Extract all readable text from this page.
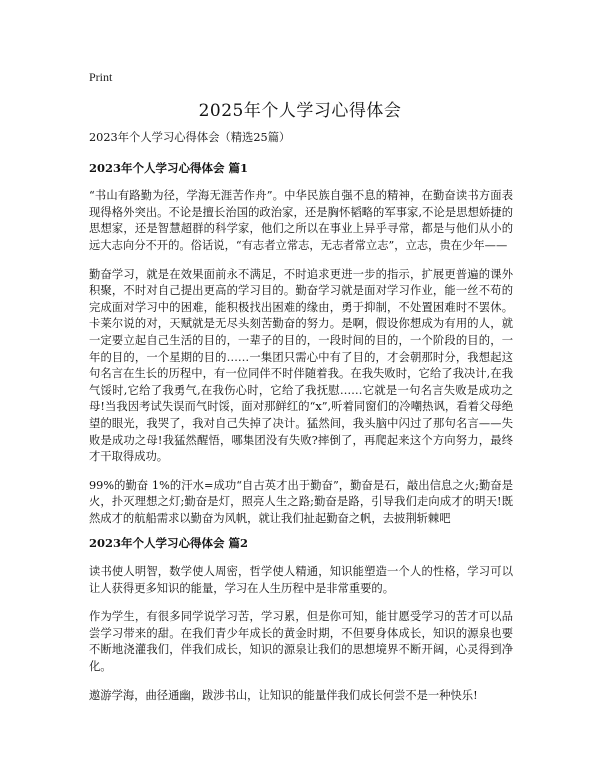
Print
2025年个人学习心得体会

2023年个人学习心得体会（精选25篇）

2023年个人学习心得体会 篇1

“书山有路勤为径，学海无涯苦作舟”。中华民族自强不息的精神，在勤奋读书方面表现得格外突出。不论是擅长治国的政治家，还是胸怀韬略的军事家,不论是思想娇捷的思想家，还是智慧超群的科学家，他们之所以在事业上异乎寻常，都是与他们从小的远大志向分不开的。俗话说，“有志者立常志，无志者常立志”，立志，贵在少年——

勤奋学习，就是在效果面前永不满足，不时追求更进一步的指示，扩展更普遍的课外积聚，不时对自己提出更高的学习目的。勤奋学习就是面对学习作业，能一丝不苟的完成面对学习中的困难，能积极找出困难的缘由，勇于抑制，不处置困难时不罢休。卡莱尔说的对，天赋就是无尽头刻苦勤奋的努力。是啊，假设你想成为有用的人，就一定要立起自己生活的目的，一辈子的目的，一段时间的目的，一个阶段的目的，一年的目的，一个星期的目的……一集团只需心中有了目的，才会朝那时分，我想起这句名言在生长的历程中，有一位同伴不时伴随着我。在我失败时，它给了我决计,在我气馁时,它给了我勇气,在我伤心时，它给了我抚慰……它就是一句名言失败是成功之母!当我因考试失误而气时馁，面对那鲜红的“x”,听着同窗们的冷嘲热讽，看着父母绝望的眼光，我哭了，我对自己失掉了决计。猛然间，我头脑中闪过了那句名言——失败是成功之母!我猛然醒悟，哪集团没有失败?摔倒了，再爬起来这个方向努力，最终才干取得成功。

99%的勤奋 1%的汗水=成功“自古英才出于勤奋”，勤奋是石，敲出信息之火;勤奋是火，扑灭理想之灯;勤奋是灯，照亮人生之路;勤奋是路，引导我们走向成才的明天!既然成才的航船需求以勤奋为风帆，就让我们扯起勤奋之帆，去披荆斩棘吧

2023年个人学习心得体会 篇2

读书使人明智，数学使人周密，哲学使人精通，知识能塑造一个人的性格，学习可以让人获得更多知识的能量，学习在人生历程中是非常重要的。

作为学生，有很多同学说学习苦，学习累，但是你可知，能甘愿受学习的苦才可以品尝学习带来的甜。在我们青少年成长的黄金时期，不但要身体成长，知识的源泉也要不断地浇灌我们，伴我们成长，知识的源泉让我们的思想境界不断开阔，心灵得到净化。

遨游学海，曲径通幽，跋涉书山，让知识的能量伴我们成长何尝不是一种快乐!
